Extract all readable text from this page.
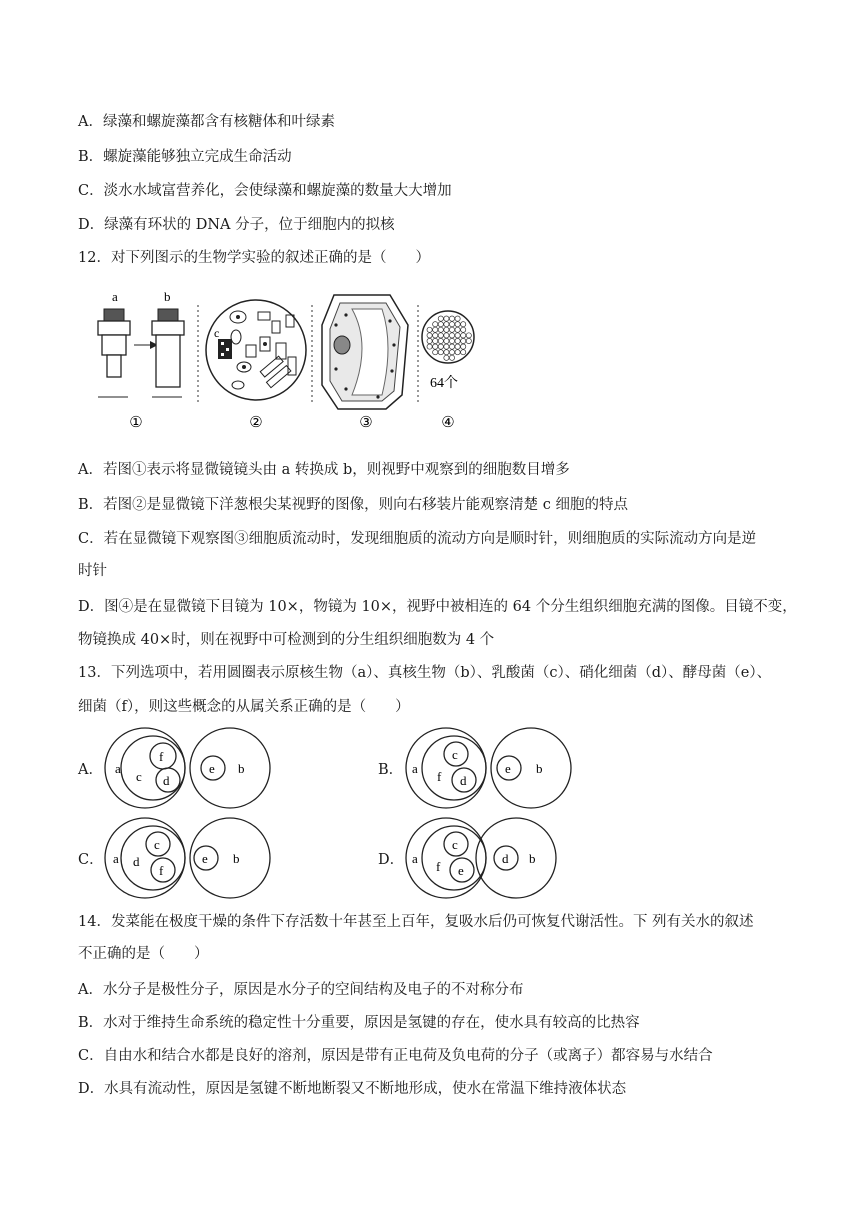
A．绿藻和螺旋藻都含有核糖体和叶绿素
B．螺旋藻能够独立完成生命活动
C．淡水水域富营养化，会使绿藻和螺旋藻的数量大大增加
D．绿藻有环状的 DNA 分子，位于细胞内的拟核
12．对下列图示的生物学实验的叙述正确的是（　　）
a	b
c
64个
①	②	③	④
A．若图①表示将显微镜镜头由 a 转换成 b，则视野中观察到的细胞数目增多
B．若图②是显微镜下洋葱根尖某视野的图像，则向右移装片能观察清楚 c 细胞的特点
C．若在显微镜下观察图③细胞质流动时，发现细胞质的流动方向是顺时针，则细胞质的实际流动方向是逆
时针
D．图④是在显微镜下目镜为 10×，物镜为 10×，视野中被相连的 64 个分生组织细胞充满的图像。目镜不变，
物镜换成 40×时，则在视野中可检测到的分生组织细胞数为 4 个
13．下列选项中，若用圆圈表示原核生物（a）、真核生物（b）、乳酸菌（c）、硝化细菌（d）、酵母菌（e）、
细菌（f），则这些概念的从属关系正确的是（　　）
A． a
c
f
d
e b	B． a
f
c
d
e b
C． a d
c
f
e b	D． a
f
c
e
d b
14．发菜能在极度干燥的条件下存活数十年甚至上百年，复吸水后仍可恢复代谢活性。下 列有关水的叙述
不正确的是（　　）
A．水分子是极性分子，原因是水分子的空间结构及电子的不对称分布
B．水对于维持生命系统的稳定性十分重要，原因是氢键的存在，使水具有较高的比热容
C．自由水和结合水都是良好的溶剂，原因是带有正电荷及负电荷的分子（或离子）都容易与水结合
D．水具有流动性，原因是氢键不断地断裂又不断地形成，使水在常温下维持液体状态
